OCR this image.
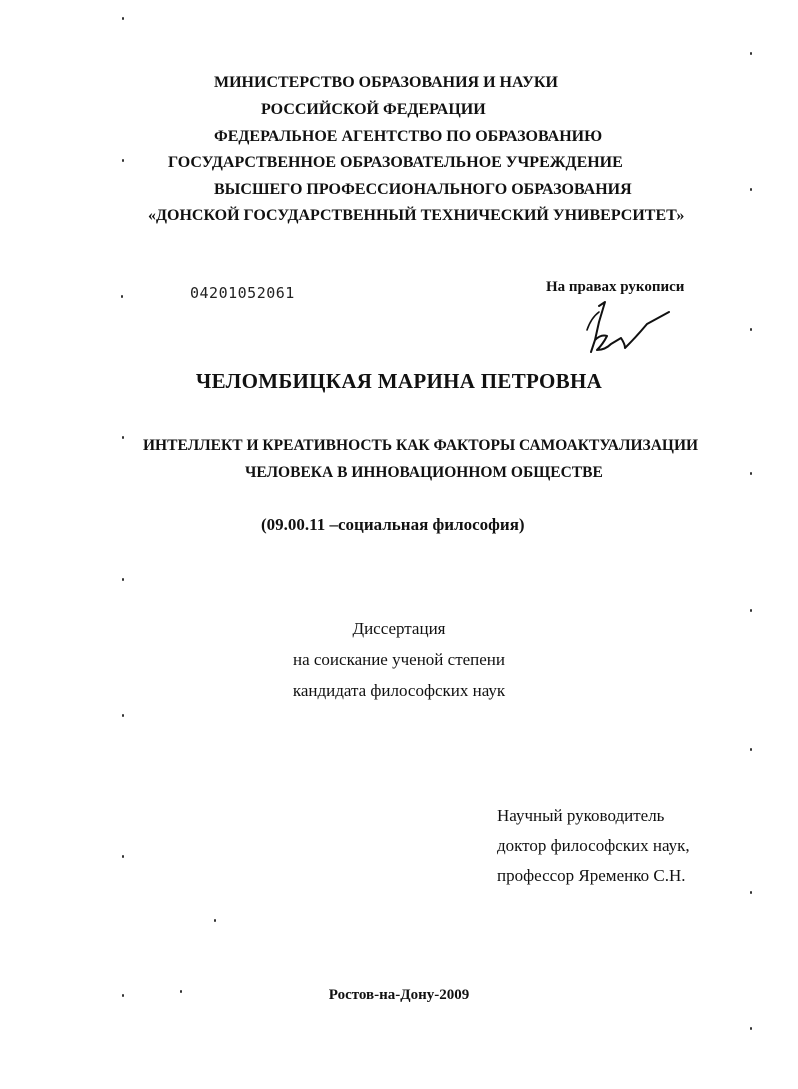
МИНИСТЕРСТВО ОБРАЗОВАНИЯ И НАУКИ
РОССИЙСКОЙ ФЕДЕРАЦИИ
ФЕДЕРАЛЬНОЕ АГЕНТСТВО ПО ОБРАЗОВАНИЮ
ГОСУДАРСТВЕННОЕ ОБРАЗОВАТЕЛЬНОЕ УЧРЕЖДЕНИЕ
ВЫСШЕГО ПРОФЕССИОНАЛЬНОГО ОБРАЗОВАНИЯ
«ДОНСКОЙ ГОСУДАРСТВЕННЫЙ ТЕХНИЧЕСКИЙ УНИВЕРСИТЕТ»
04201052061	На правах рукописи
ЧЕЛОМБИЦКАЯ МАРИНА ПЕТРОВНА
ИНТЕЛЛЕКТ И КРЕАТИВНОСТЬ КАК ФАКТОРЫ САМОАКТУАЛИЗАЦИИ
ЧЕЛОВЕКА В ИННОВАЦИОННОМ ОБЩЕСТВЕ
(09.00.11 –социальная философия)
Диссертация
на соискание ученой степени
кандидата философских наук
Научный руководитель
доктор философских наук,
профессор Яременко С.Н.
Ростов-на-Дону-2009
